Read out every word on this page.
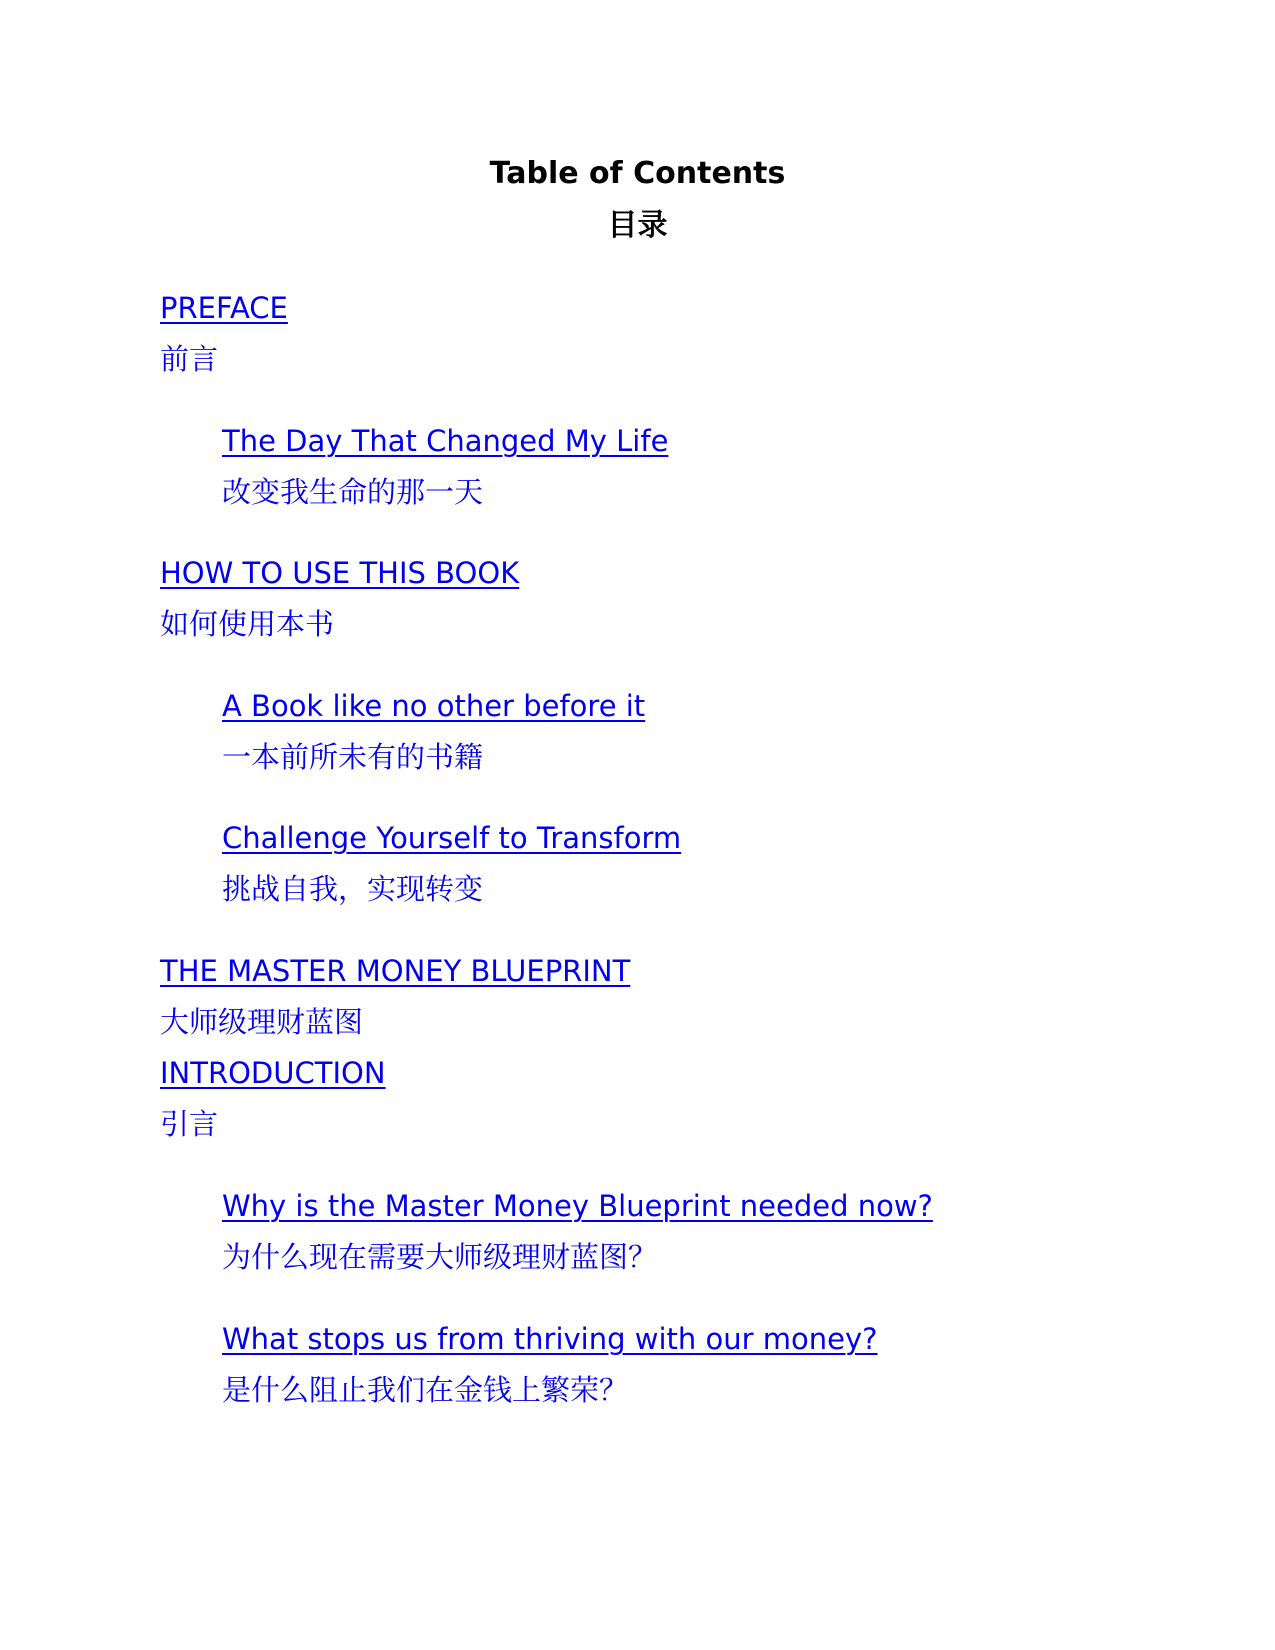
Table of Contents
目录
PREFACE
前言
The Day That Changed My Life
改变我生命的那一天
HOW TO USE THIS BOOK
如何使用本书
A Book like no other before it
一本前所未有的书籍
Challenge Yourself to Transform
挑战自我，实现转变
THE MASTER MONEY BLUEPRINT
大师级理财蓝图
INTRODUCTION
引言
Why is the Master Money Blueprint needed now?
为什么现在需要大师级理财蓝图？
What stops us from thriving with our money?
是什么阻止我们在金钱上繁荣？
